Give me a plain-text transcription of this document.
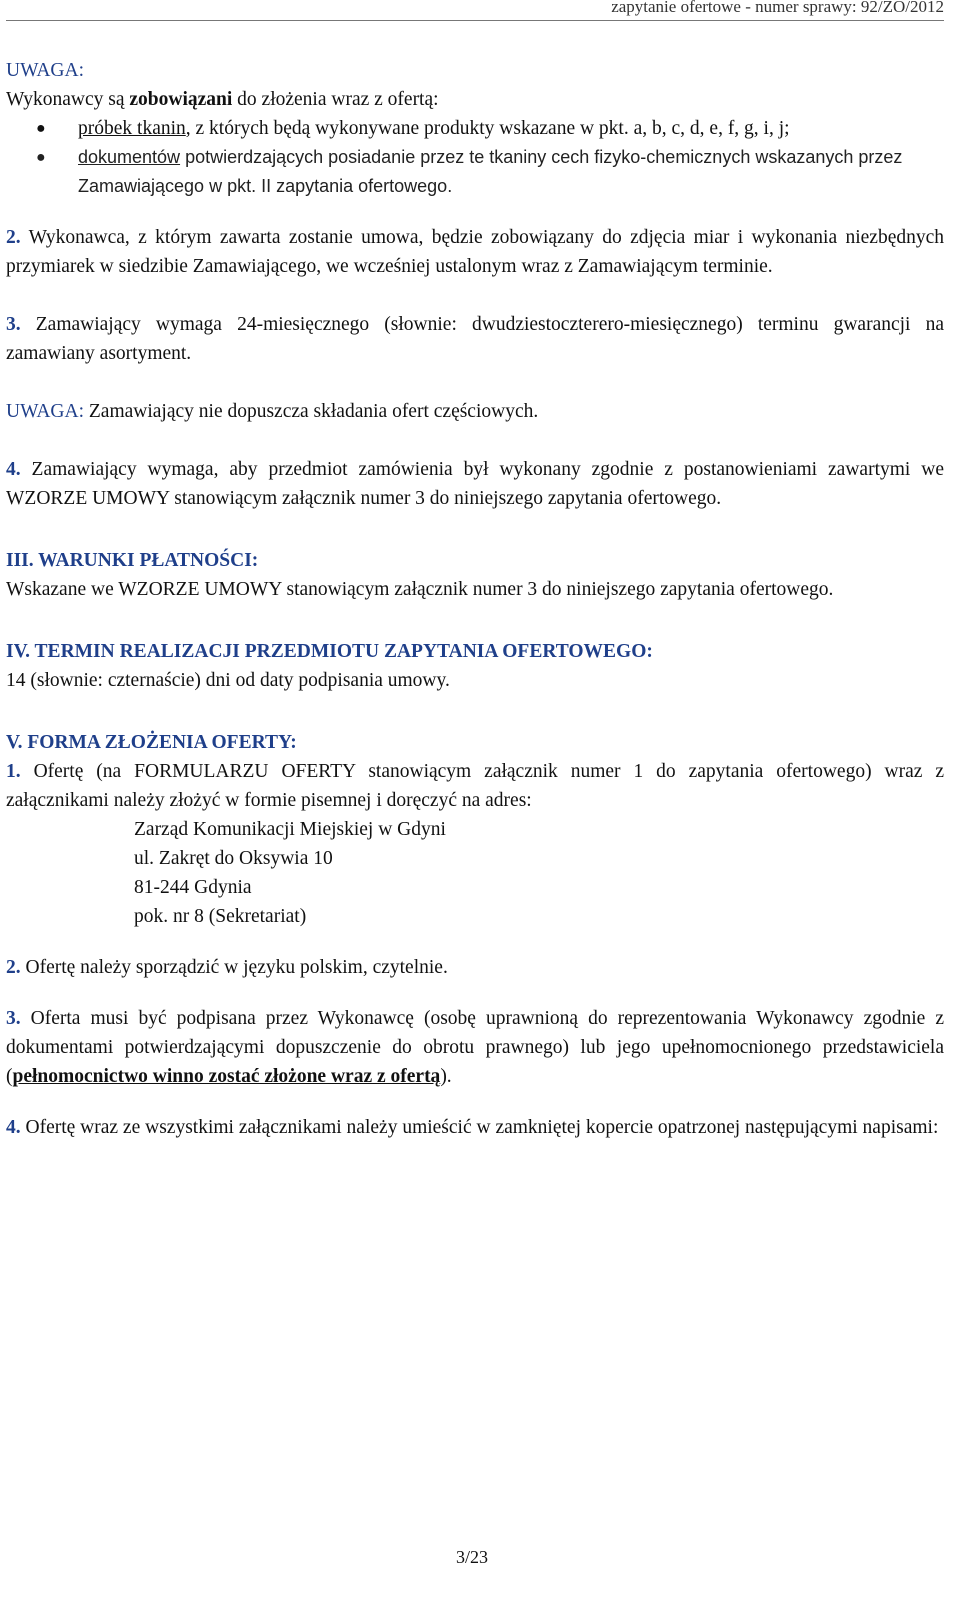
zapytanie ofertowe - numer sprawy: 92/ZO/2012

UWAGA:

Wykonawcy są zobowiązani do złożenia wraz z ofertą:

● próbek tkanin, z których będą wykonywane produkty wskazane w pkt. a, b, c, d, e, f, g, i, j;
● dokumentów potwierdzających posiadanie przez te tkaniny cech fizyko-chemicznych wskazanych przez Zamawiającego w pkt. II zapytania ofertowego.

2. Wykonawca, z którym zawarta zostanie umowa, będzie zobowiązany do zdjęcia miar i wykonania niezbędnych przymiarek w siedzibie Zamawiającego, we wcześniej ustalonym wraz z Zamawiającym terminie.

3. Zamawiający wymaga 24-miesięcznego (słownie: dwudziestoczterero-miesięcznego) terminu gwarancji na zamawiany asortyment.

UWAGA: Zamawiający nie dopuszcza składania ofert częściowych.

4. Zamawiający wymaga, aby przedmiot zamówienia był wykonany zgodnie z postanowieniami zawartymi we WZORZE UMOWY stanowiącym załącznik numer 3 do niniejszego zapytania ofertowego.

III. WARUNKI PŁATNOŚCI:

Wskazane we WZORZE UMOWY stanowiącym załącznik numer 3 do niniejszego zapytania ofertowego.

IV. TERMIN REALIZACJI PRZEDMIOTU ZAPYTANIA OFERTOWEGO:

14 (słownie: czternaście) dni od daty podpisania umowy.

V. FORMA ZŁOŻENIA OFERTY:

1. Ofertę (na FORMULARZU OFERTY stanowiącym załącznik numer 1 do zapytania ofertowego) wraz z załącznikami należy złożyć w formie pisemnej i doręczyć na adres:

Zarząd Komunikacji Miejskiej w Gdyni

ul. Zakręt do Oksywia 10

81-244 Gdynia

pok. nr 8 (Sekretariat)

2. Ofertę należy sporządzić w języku polskim, czytelnie.

3. Oferta musi być podpisana przez Wykonawcę (osobę uprawnioną do reprezentowania Wykonawcy zgodnie z dokumentami potwierdzającymi dopuszczenie do obrotu prawnego) lub jego upełnomocnionego przedstawiciela (pełnomocnictwo winno zostać złożone wraz z ofertą).

4. Ofertę wraz ze wszystkimi załącznikami należy umieścić w zamkniętej kopercie opatrzonej następującymi napisami:

3/23
